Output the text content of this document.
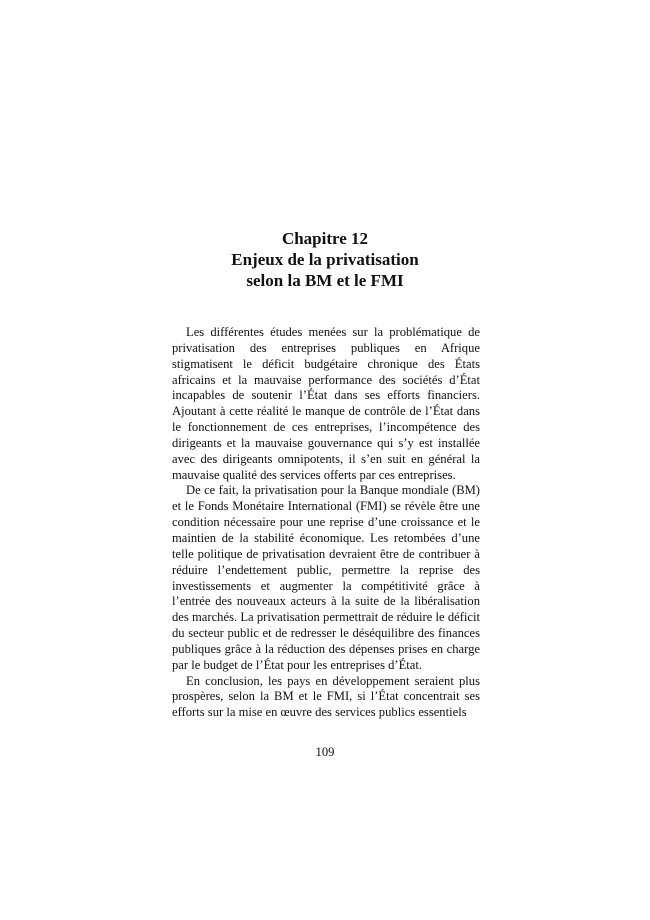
Chapitre 12
Enjeux de la privatisation
selon la BM et le FMI

Les différentes études menées sur la problématique de privatisation des entreprises publiques en Afrique stigmatisent le déficit budgétaire chronique des États africains et la mauvaise performance des sociétés d’État incapables de soutenir l’État dans ses efforts financiers. Ajoutant à cette réalité le manque de contrôle de l’État dans le fonctionnement de ces entreprises, l’incompétence des dirigeants et la mauvaise gouvernance qui s’y est installée avec des dirigeants omnipotents, il s’en suit en général la mauvaise qualité des services offerts par ces entreprises.

De ce fait, la privatisation pour la Banque mondiale (BM) et le Fonds Monétaire International (FMI) se révèle être une condition nécessaire pour une reprise d’une croissance et le maintien de la stabilité économique. Les retombées d’une telle politique de privatisation devraient être de contribuer à réduire l’endettement public, permettre la reprise des investissements et augmenter la compétitivité grâce à l’entrée des nouveaux acteurs à la suite de la libéralisation des marchés. La privatisation permettrait de réduire le déficit du secteur public et de redresser le déséquilibre des finances publiques grâce à la réduction des dépenses prises en charge par le budget de l’État pour les entreprises d’État.

En conclusion, les pays en développement seraient plus prospères, selon la BM et le FMI, si l’État concentrait ses efforts sur la mise en œuvre des services publics essentiels

109
